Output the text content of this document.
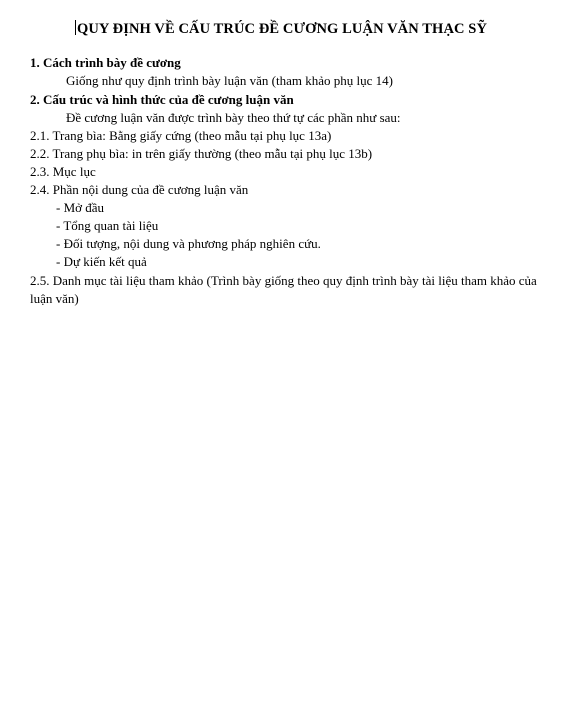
QUY ĐỊNH VỀ CẤU TRÚC ĐỀ CƯƠNG LUẬN VĂN THẠC SỸ
1. Cách trình bày đề cương
Giống như quy định trình bày luận văn (tham khảo phụ lục 14)
2. Cấu trúc và hình thức của đề cương luận văn
Đề cương luận văn được trình bày theo thứ tự các phần như sau:
2.1. Trang bìa: Bằng giấy cứng (theo mẫu tại phụ lục 13a)
2.2. Trang phụ bìa: in trên giấy thường (theo mẫu tại phụ lục 13b)
2.3. Mục lục
2.4. Phần nội dung của đề cương luận văn
- Mở đầu
- Tổng quan tài liệu
- Đối tượng, nội dung và phương pháp nghiên cứu.
- Dự kiến kết quả
2.5. Danh mục tài liệu tham khảo (Trình bày giống theo quy định trình bày tài liệu tham khảo của luận văn)
